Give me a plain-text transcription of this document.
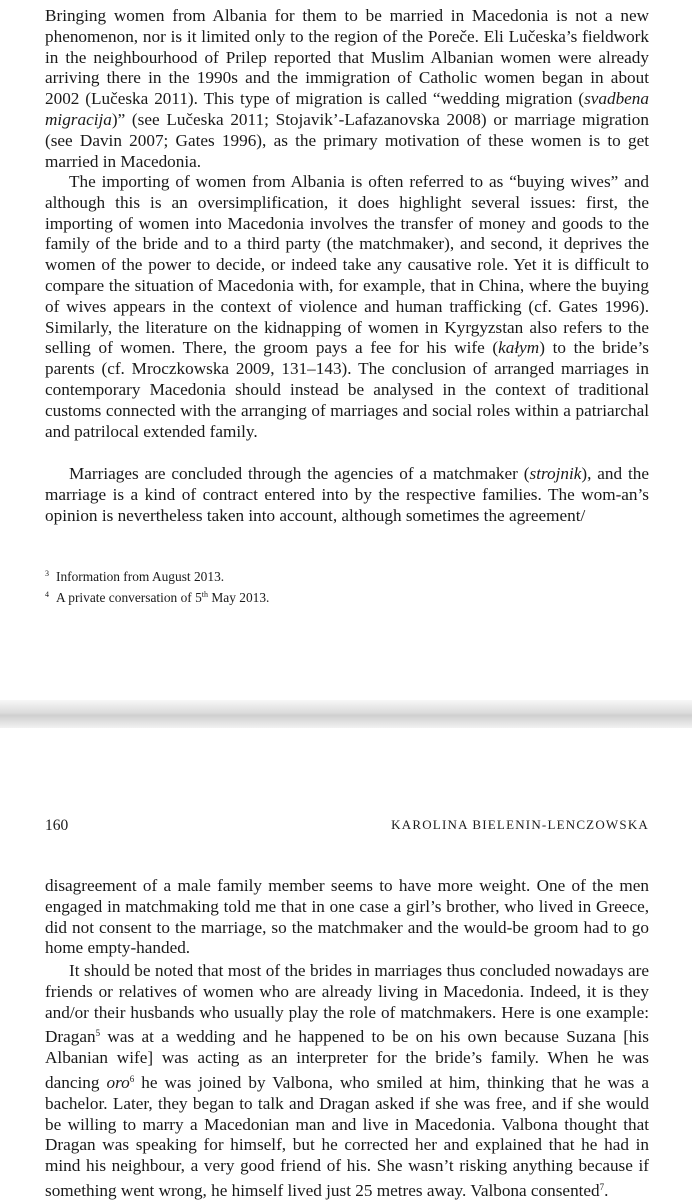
Bringing women from Albania for them to be married in Macedonia is not a new phenomenon, nor is it limited only to the region of the Poreče. Eli Lučeska’s fieldwork in the neighbourhood of Prilep reported that Muslim Albanian women were already arriving there in the 1990s and the immigration of Catholic women began in about 2002 (Lučeska 2011). This type of migration is called “wedding migration (svadbena migracija)” (see Lučeska 2011; Stojavik’-Lafazanovska 2008) or marriage migration (see Davin 2007; Gates 1996), as the primary motivation of these women is to get married in Macedonia.

The importing of women from Albania is often referred to as “buying wives” and although this is an oversimplification, it does highlight several issues: first, the importing of women into Macedonia involves the transfer of money and goods to the family of the bride and to a third party (the matchmaker), and second, it deprives the women of the power to decide, or indeed take any causative role. Yet it is difficult to compare the situation of Macedonia with, for example, that in China, where the buying of wives appears in the context of violence and human trafficking (cf. Gates 1996). Similarly, the literature on the kidnapping of women in Kyrgyzstan also refers to the selling of women. There, the groom pays a fee for his wife (kałym) to the bride’s parents (cf. Mroczkowska 2009, 131–143). The conclusion of arranged marriages in contemporary Macedonia should instead be analysed in the context of traditional customs connected with the arranging of marriages and social roles within a patriarchal and patrilocal extended family.

Marriages are concluded through the agencies of a matchmaker (strojnik), and the marriage is a kind of contract entered into by the respective families. The wom-an’s opinion is nevertheless taken into account, although sometimes the agreement/

$^3$ Information from August 2013.

$^4$ A private conversation of 5th May 2013.

160	KAROLINA BIELENIN-LENCZOWSKA

disagreement of a male family member seems to have more weight. One of the men engaged in matchmaking told me that in one case a girl’s brother, who lived in Greece, did not consent to the marriage, so the matchmaker and the would-be groom had to go home empty-handed.

It should be noted that most of the brides in marriages thus concluded nowadays are friends or relatives of women who are already living in Macedonia. Indeed, it is they and/or their husbands who usually play the role of matchmakers. Here is one example: Dragan$^5$ was at a wedding and he happened to be on his own because Suzana [his Albanian wife] was acting as an interpreter for the bride’s family. When he was dancing oro$^6$ he was joined by Valbona, who smiled at him, thinking that he was a bachelor. Later, they began to talk and Dragan asked if she was free, and if she would be willing to marry a Macedonian man and live in Macedonia. Valbona thought that Dragan was speaking for himself, but he corrected her and explained that he had in mind his neighbour, a very good friend of his. She wasn’t risking anything because if something went wrong, he himself lived just 25 metres away. Valbona consented$^7$.
